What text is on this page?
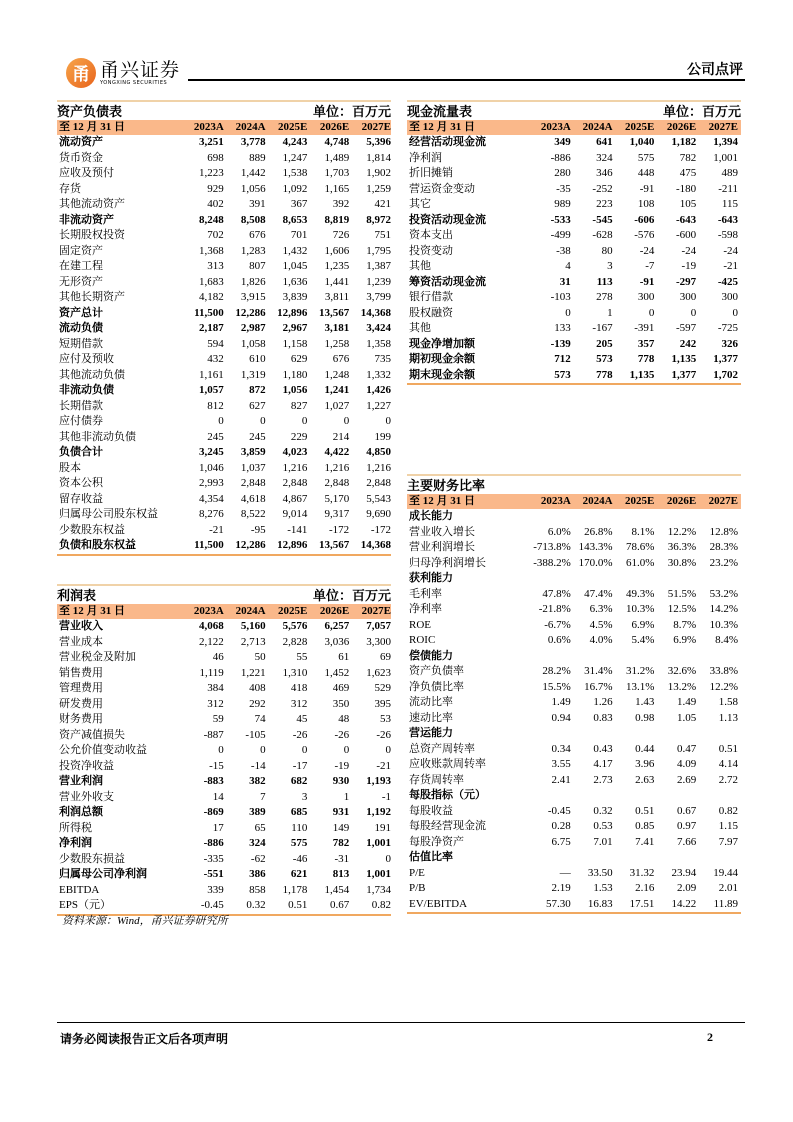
甬 甬兴证券
YONGXING SECURITIES
公司点评
资产负债表	单位：百万元
至 12 月 31 日	2023A	2024A	2025E	2026E	2027E
流动资产	3,251	3,778	4,243	4,748	5,396
货币资金	698	889	1,247	1,489	1,814
应收及预付	1,223	1,442	1,538	1,703	1,902
存货	929	1,056	1,092	1,165	1,259
其他流动资产	402	391	367	392	421
非流动资产	8,248	8,508	8,653	8,819	8,972
长期股权投资	702	676	701	726	751
固定资产	1,368	1,283	1,432	1,606	1,795
在建工程	313	807	1,045	1,235	1,387
无形资产	1,683	1,826	1,636	1,441	1,239
其他长期资产	4,182	3,915	3,839	3,811	3,799
资产总计	11,500	12,286	12,896	13,567	14,368
流动负债	2,187	2,987	2,967	3,181	3,424
短期借款	594	1,058	1,158	1,258	1,358
应付及预收	432	610	629	676	735
其他流动负债	1,161	1,319	1,180	1,248	1,332
非流动负债	1,057	872	1,056	1,241	1,426
长期借款	812	627	827	1,027	1,227
应付债券	0	0	0	0	0
其他非流动负债	245	245	229	214	199
负债合计	3,245	3,859	4,023	4,422	4,850
股本	1,046	1,037	1,216	1,216	1,216
资本公积	2,993	2,848	2,848	2,848	2,848
留存收益	4,354	4,618	4,867	5,170	5,543
归属母公司股东权益	8,276	8,522	9,014	9,317	9,690
少数股东权益	-21	-95	-141	-172	-172
负债和股东权益	11,500	12,286	12,896	13,567	14,368
现金流量表	单位：百万元
至 12 月 31 日	2023A	2024A	2025E	2026E	2027E
经营活动现金流	349	641	1,040	1,182	1,394
净利润	-886	324	575	782	1,001
折旧摊销	280	346	448	475	489
营运资金变动	-35	-252	-91	-180	-211
其它	989	223	108	105	115
投资活动现金流	-533	-545	-606	-643	-643
资本支出	-499	-628	-576	-600	-598
投资变动	-38	80	-24	-24	-24
其他	4	3	-7	-19	-21
筹资活动现金流	31	113	-91	-297	-425
银行借款	-103	278	300	300	300
股权融资	0	1	0	0	0
其他	133	-167	-391	-597	-725
现金净增加额	-139	205	357	242	326
期初现金余额	712	573	778	1,135	1,377
期末现金余额	573	778	1,135	1,377	1,702
利润表	单位：百万元
至 12 月 31 日	2023A	2024A	2025E	2026E	2027E
营业收入	4,068	5,160	5,576	6,257	7,057
营业成本	2,122	2,713	2,828	3,036	3,300
营业税金及附加	46	50	55	61	69
销售费用	1,119	1,221	1,310	1,452	1,623
管理费用	384	408	418	469	529
研发费用	312	292	312	350	395
财务费用	59	74	45	48	53
资产减值损失	-887	-105	-26	-26	-26
公允价值变动收益	0	0	0	0	0
投资净收益	-15	-14	-17	-19	-21
营业利润	-883	382	682	930	1,193
营业外收支	14	7	3	1	-1
利润总额	-869	389	685	931	1,192
所得税	17	65	110	149	191
净利润	-886	324	575	782	1,001
少数股东损益	-335	-62	-46	-31	0
归属母公司净利润	-551	386	621	813	1,001
EBITDA	339	858	1,178	1,454	1,734
EPS（元）	-0.45	0.32	0.51	0.67	0.82
主要财务比率
至 12 月 31 日	2023A	2024A	2025E	2026E	2027E
成长能力
营业收入增长	6.0%	26.8%	8.1%	12.2%	12.8%
营业利润增长	-713.8% 143.3%	78.6%	36.3%	28.3%
归母净利润增长	-388.2% 170.0%	61.0%	30.8%	23.2%
获利能力
毛利率	47.8%	47.4%	49.3%	51.5%	53.2%
净利率	-21.8%	6.3%	10.3%	12.5%	14.2%
ROE	-6.7%	4.5%	6.9%	8.7%	10.3%
ROIC	0.6%	4.0%	5.4%	6.9%	8.4%
偿债能力
资产负债率	28.2%	31.4%	31.2%	32.6%	33.8%
净负债比率	15.5%	16.7%	13.1%	13.2%	12.2%
流动比率	1.49	1.26	1.43	1.49	1.58
速动比率	0.94	0.83	0.98	1.05	1.13
营运能力
总资产周转率	0.34	0.43	0.44	0.47	0.51
应收账款周转率	3.55	4.17	3.96	4.09	4.14
存货周转率	2.41	2.73	2.63	2.69	2.72
每股指标（元）
每股收益	-0.45	0.32	0.51	0.67	0.82
每股经营现金流	0.28	0.53	0.85	0.97	1.15
每股净资产	6.75	7.01	7.41	7.66	7.97
估值比率
P/E	—	33.50	31.32	23.94	19.44
P/B	2.19	1.53	2.16	2.09	2.01
EV/EBITDA	57.30	16.83	17.51	14.22	11.89
资料来源：Wind，甬兴证券研究所
请务必阅读报告正文后各项声明	2
